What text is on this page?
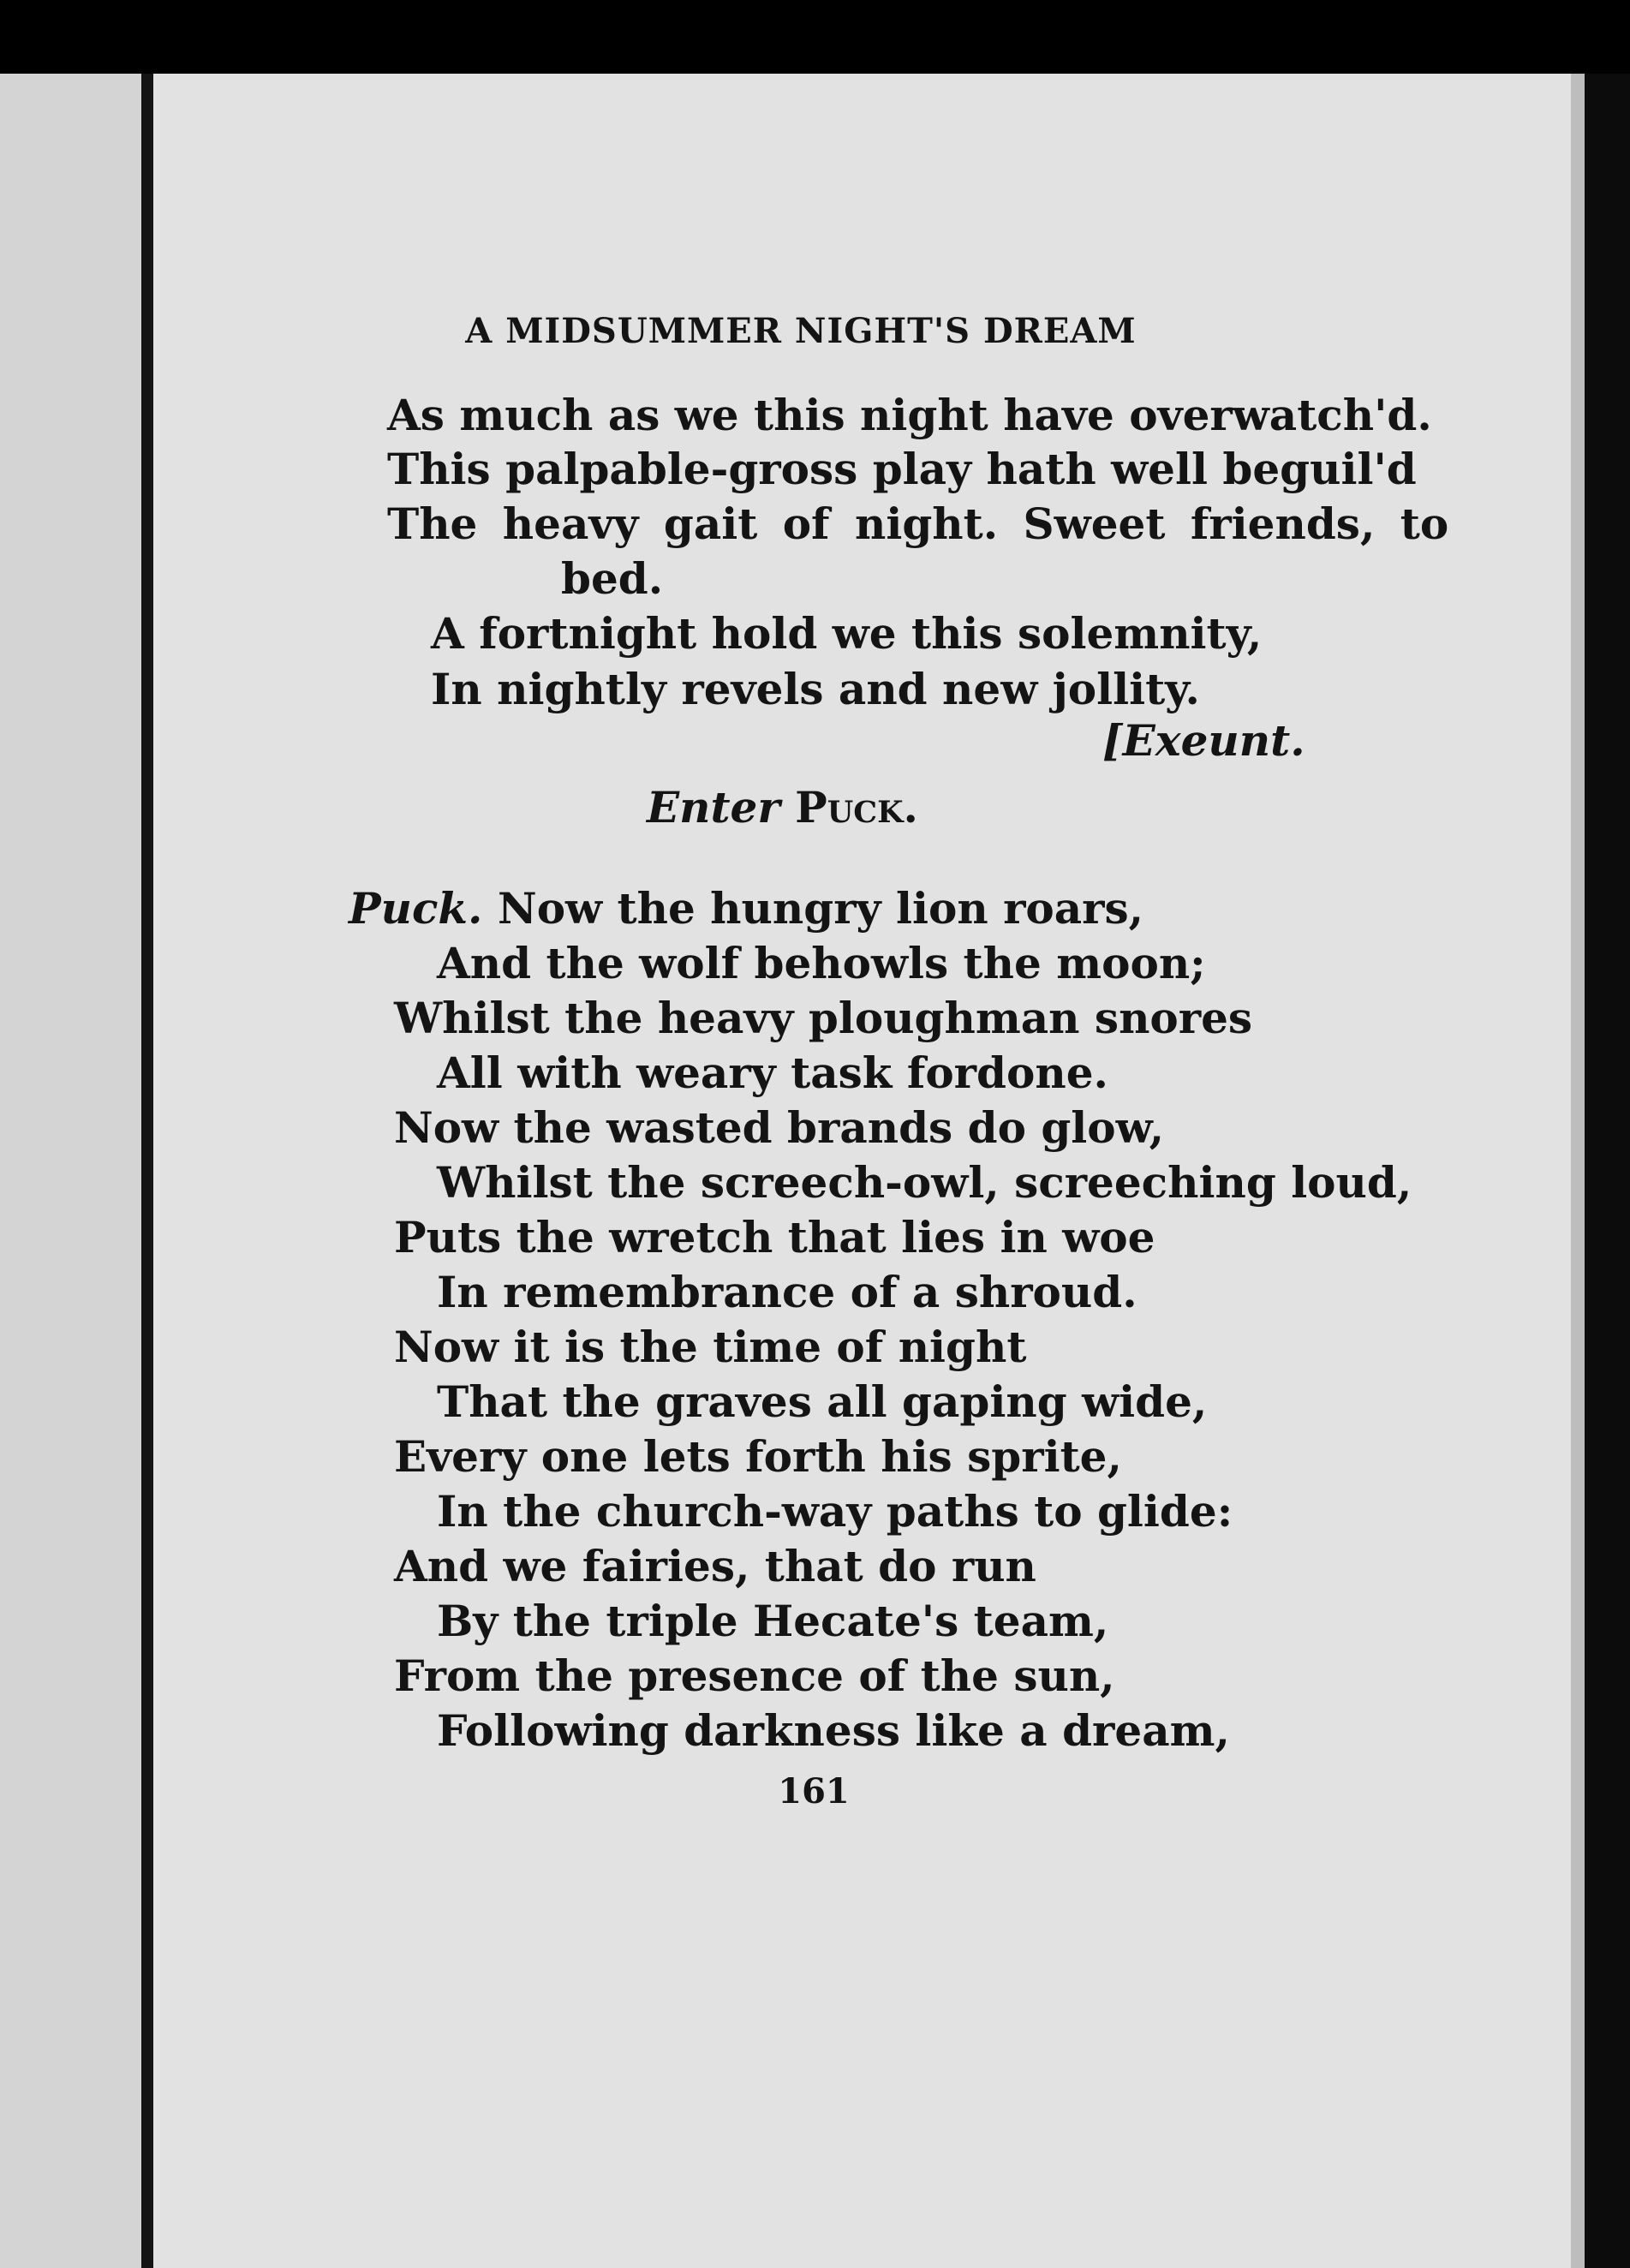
A MIDSUMMER NIGHT'S DREAM
As much as we this night have overwatch'd.
This palpable-gross play hath well beguil'd
The heavy gait of night. Sweet friends, to
bed.
A fortnight hold we this solemnity,
In nightly revels and new jollity.
[Exeunt.
Enter Puck.
Puck. Now the hungry lion roars,
And the wolf behowls the moon;
Whilst the heavy ploughman snores
All with weary task fordone.
Now the wasted brands do glow,
Whilst the screech-owl, screeching loud,
Puts the wretch that lies in woe
In remembrance of a shroud.
Now it is the time of night
That the graves all gaping wide,
Every one lets forth his sprite,
In the church-way paths to glide:
And we fairies, that do run
By the triple Hecate's team,
From the presence of the sun,
Following darkness like a dream,
161
